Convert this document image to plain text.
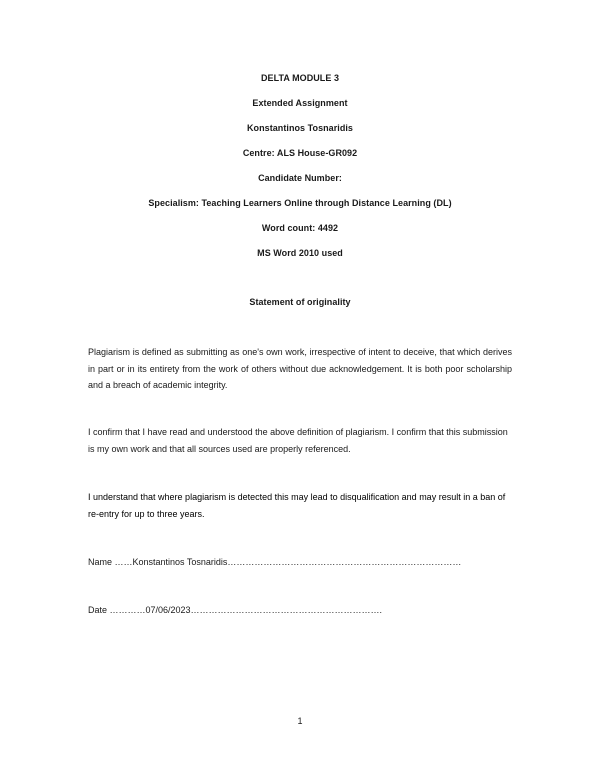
DELTA MODULE 3
Extended Assignment
Konstantinos Tosnaridis
Centre: ALS House-GR092
Candidate Number:
Specialism: Teaching Learners Online through Distance Learning (DL)
Word count: 4492
MS Word 2010 used
Statement of originality
Plagiarism is defined as submitting as one's own work, irrespective of intent to deceive, that which derives in part or in its entirety from the work of others without due acknowledgement. It is both poor scholarship and a breach of academic integrity.
I confirm that I have read and understood the above definition of plagiarism. I confirm that this submission is my own work and that all sources used are properly referenced.
I understand that where plagiarism is detected this may lead to disqualification and may result in a ban of re-entry for up to three years.
Name ……Konstantinos Tosnaridis……………………………………………………………………
Date …………07/06/2023……………………………………………………….
1
